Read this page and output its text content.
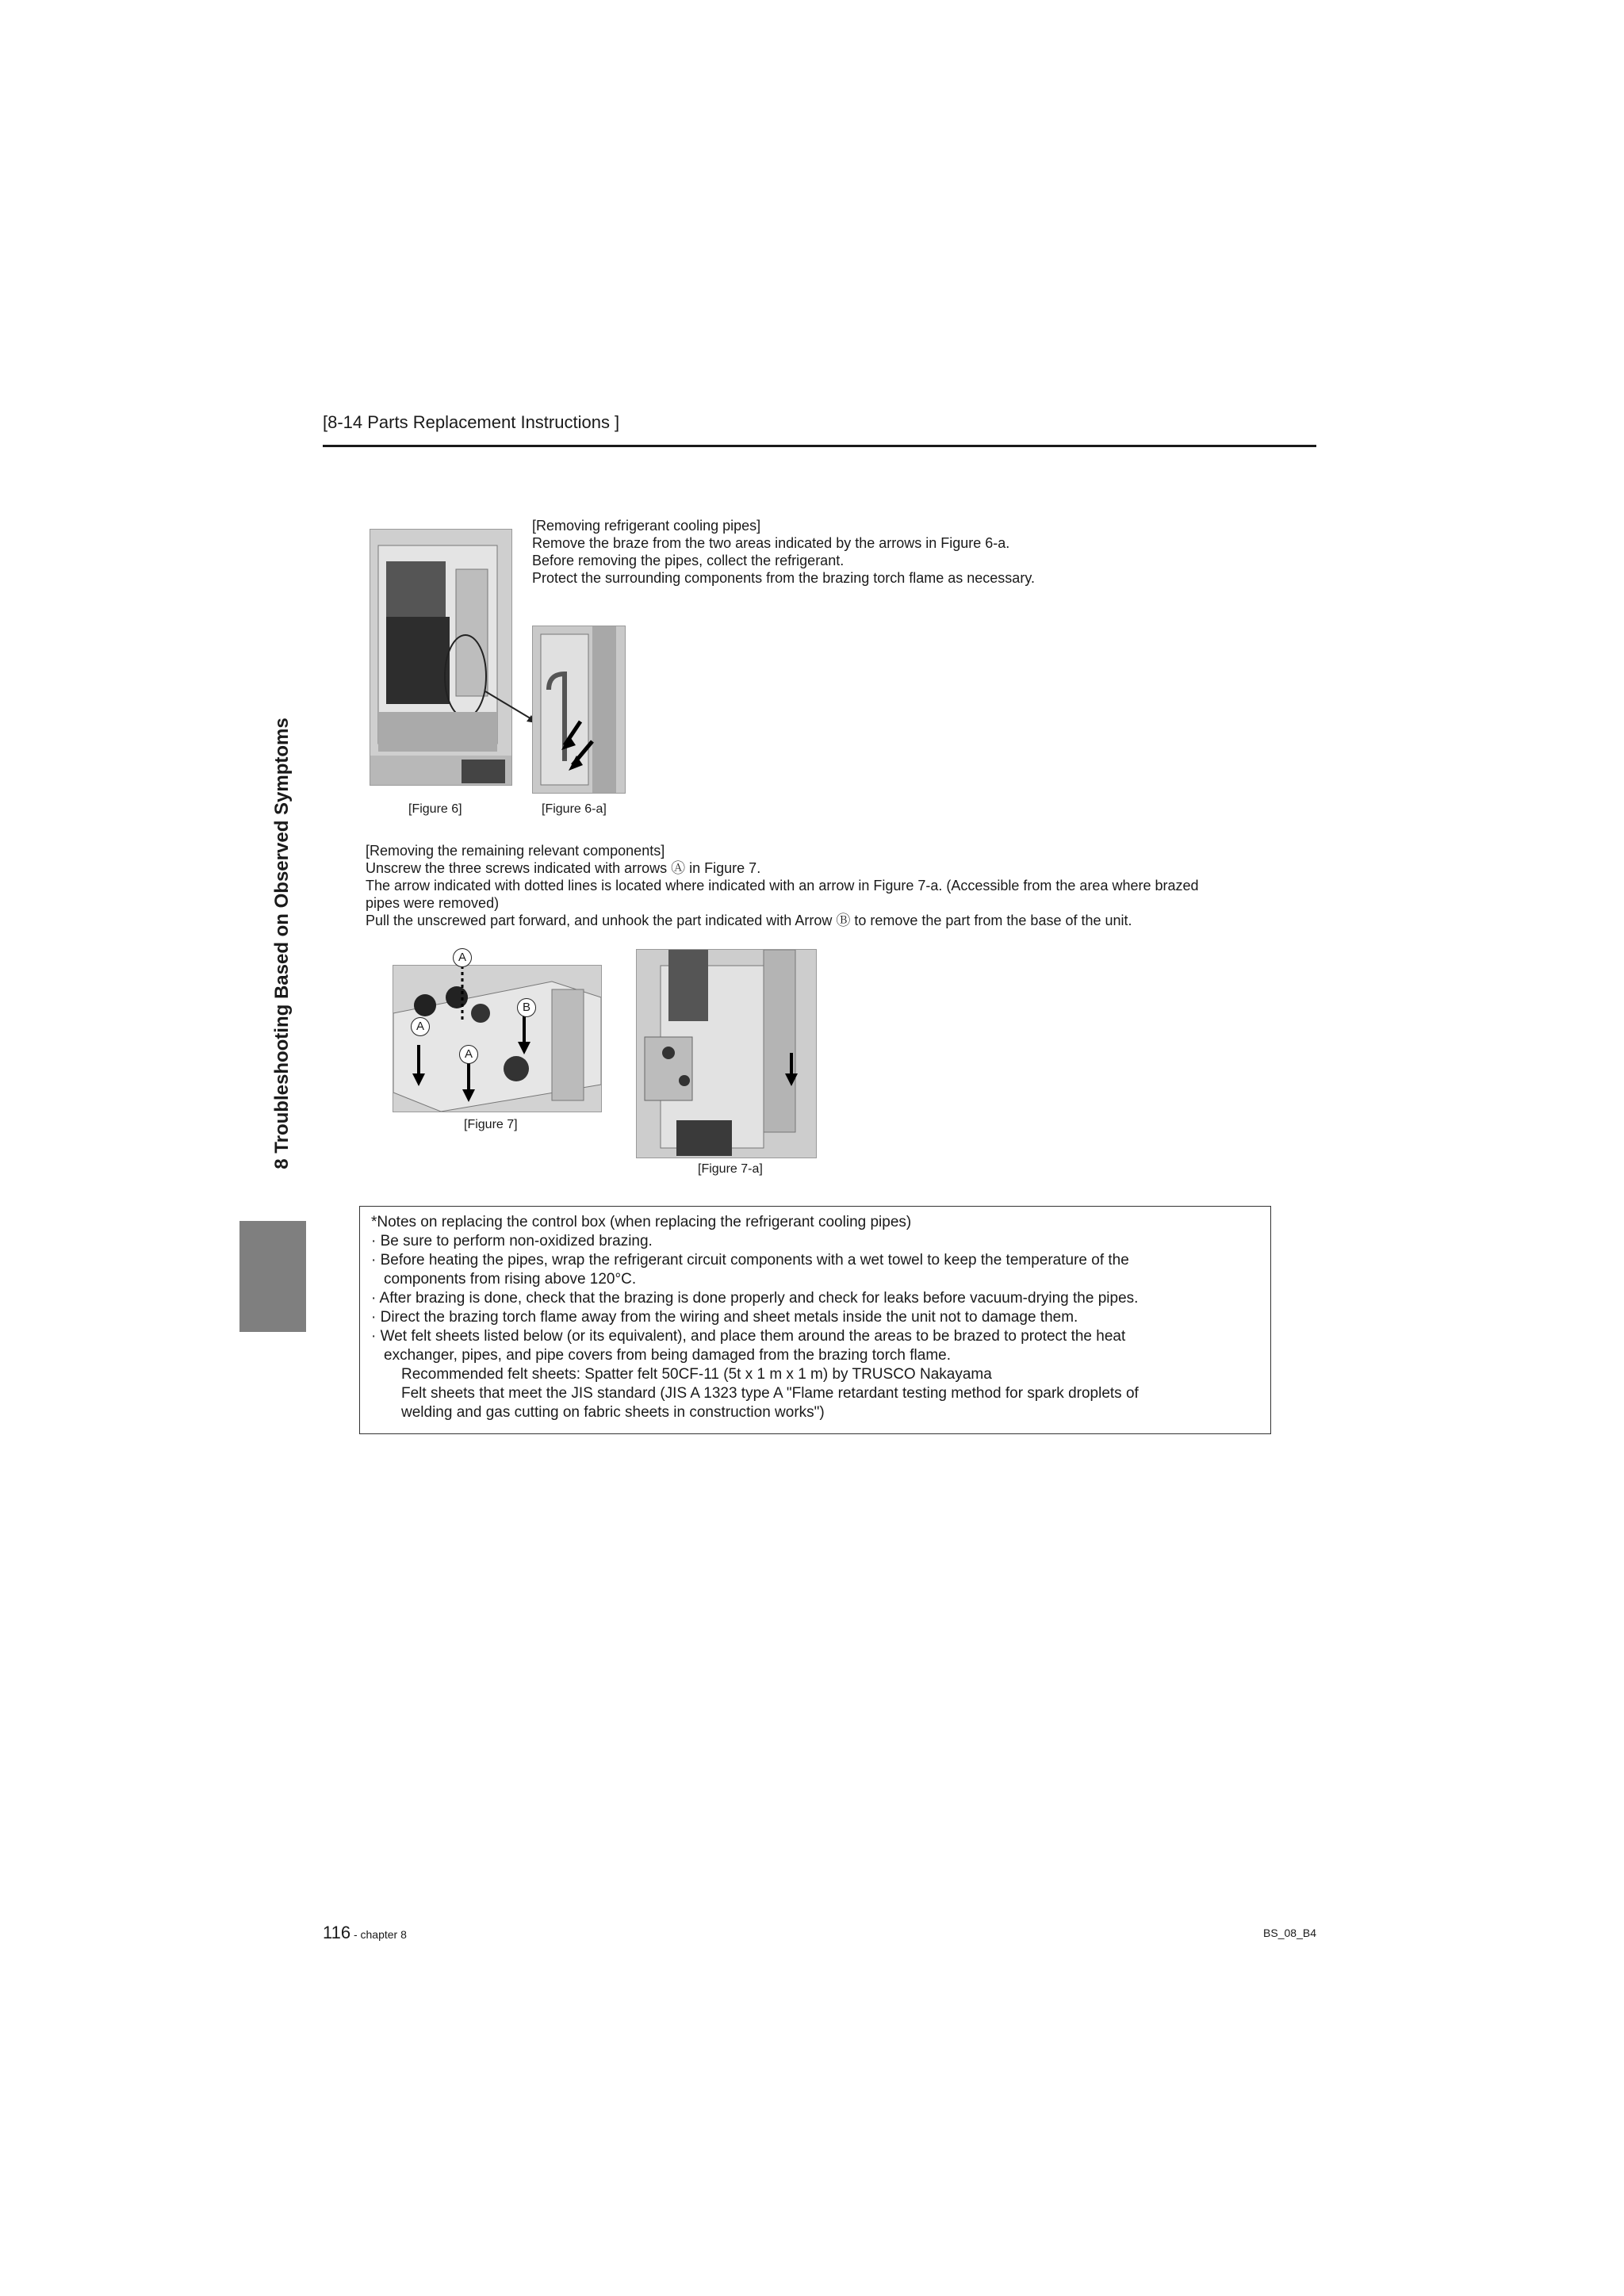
[8-14 Parts Replacement Instructions ]
8 Troubleshooting Based on Observed Symptoms
[Removing refrigerant cooling pipes]
Remove the braze from the two areas indicated by the arrows in Figure 6-a.
Before removing the pipes, collect the refrigerant.
Protect the surrounding components from the brazing torch flame as necessary.
[Figure 6]	[Figure 6-a]
[Removing the remaining relevant components]
Unscrew the three screws indicated with arrows Ⓐ in Figure 7.
The arrow indicated with dotted lines is located where indicated with an arrow in Figure 7-a. (Accessible from the area where brazed
pipes were removed)
Pull the unscrewed part forward, and unhook the part indicated with Arrow Ⓑ to remove the part from the base of the unit.
A
A
A
B
[Figure 7]
[Figure 7-a]
*Notes on replacing the control box (when replacing the refrigerant cooling pipes)
· Be sure to perform non-oxidized brazing.
· Before heating the pipes, wrap the refrigerant circuit components with a wet towel to keep the temperature of the
components from rising above 120°C.
· After brazing is done, check that the brazing is done properly and check for leaks before vacuum-drying the pipes.
· Direct the brazing torch flame away from the wiring and sheet metals inside the unit not to damage them.
· Wet felt sheets listed below (or its equivalent), and place them around the areas to be brazed to protect the heat
exchanger, pipes, and pipe covers from being damaged from the brazing torch flame.
Recommended felt sheets: Spatter felt 50CF-11 (5t x 1 m x 1 m) by TRUSCO Nakayama
Felt sheets that meet the JIS standard (JIS A 1323 type A "Flame retardant testing method for spark droplets of
welding and gas cutting on fabric sheets in construction works")
116 - chapter 8	BS_08_B4
